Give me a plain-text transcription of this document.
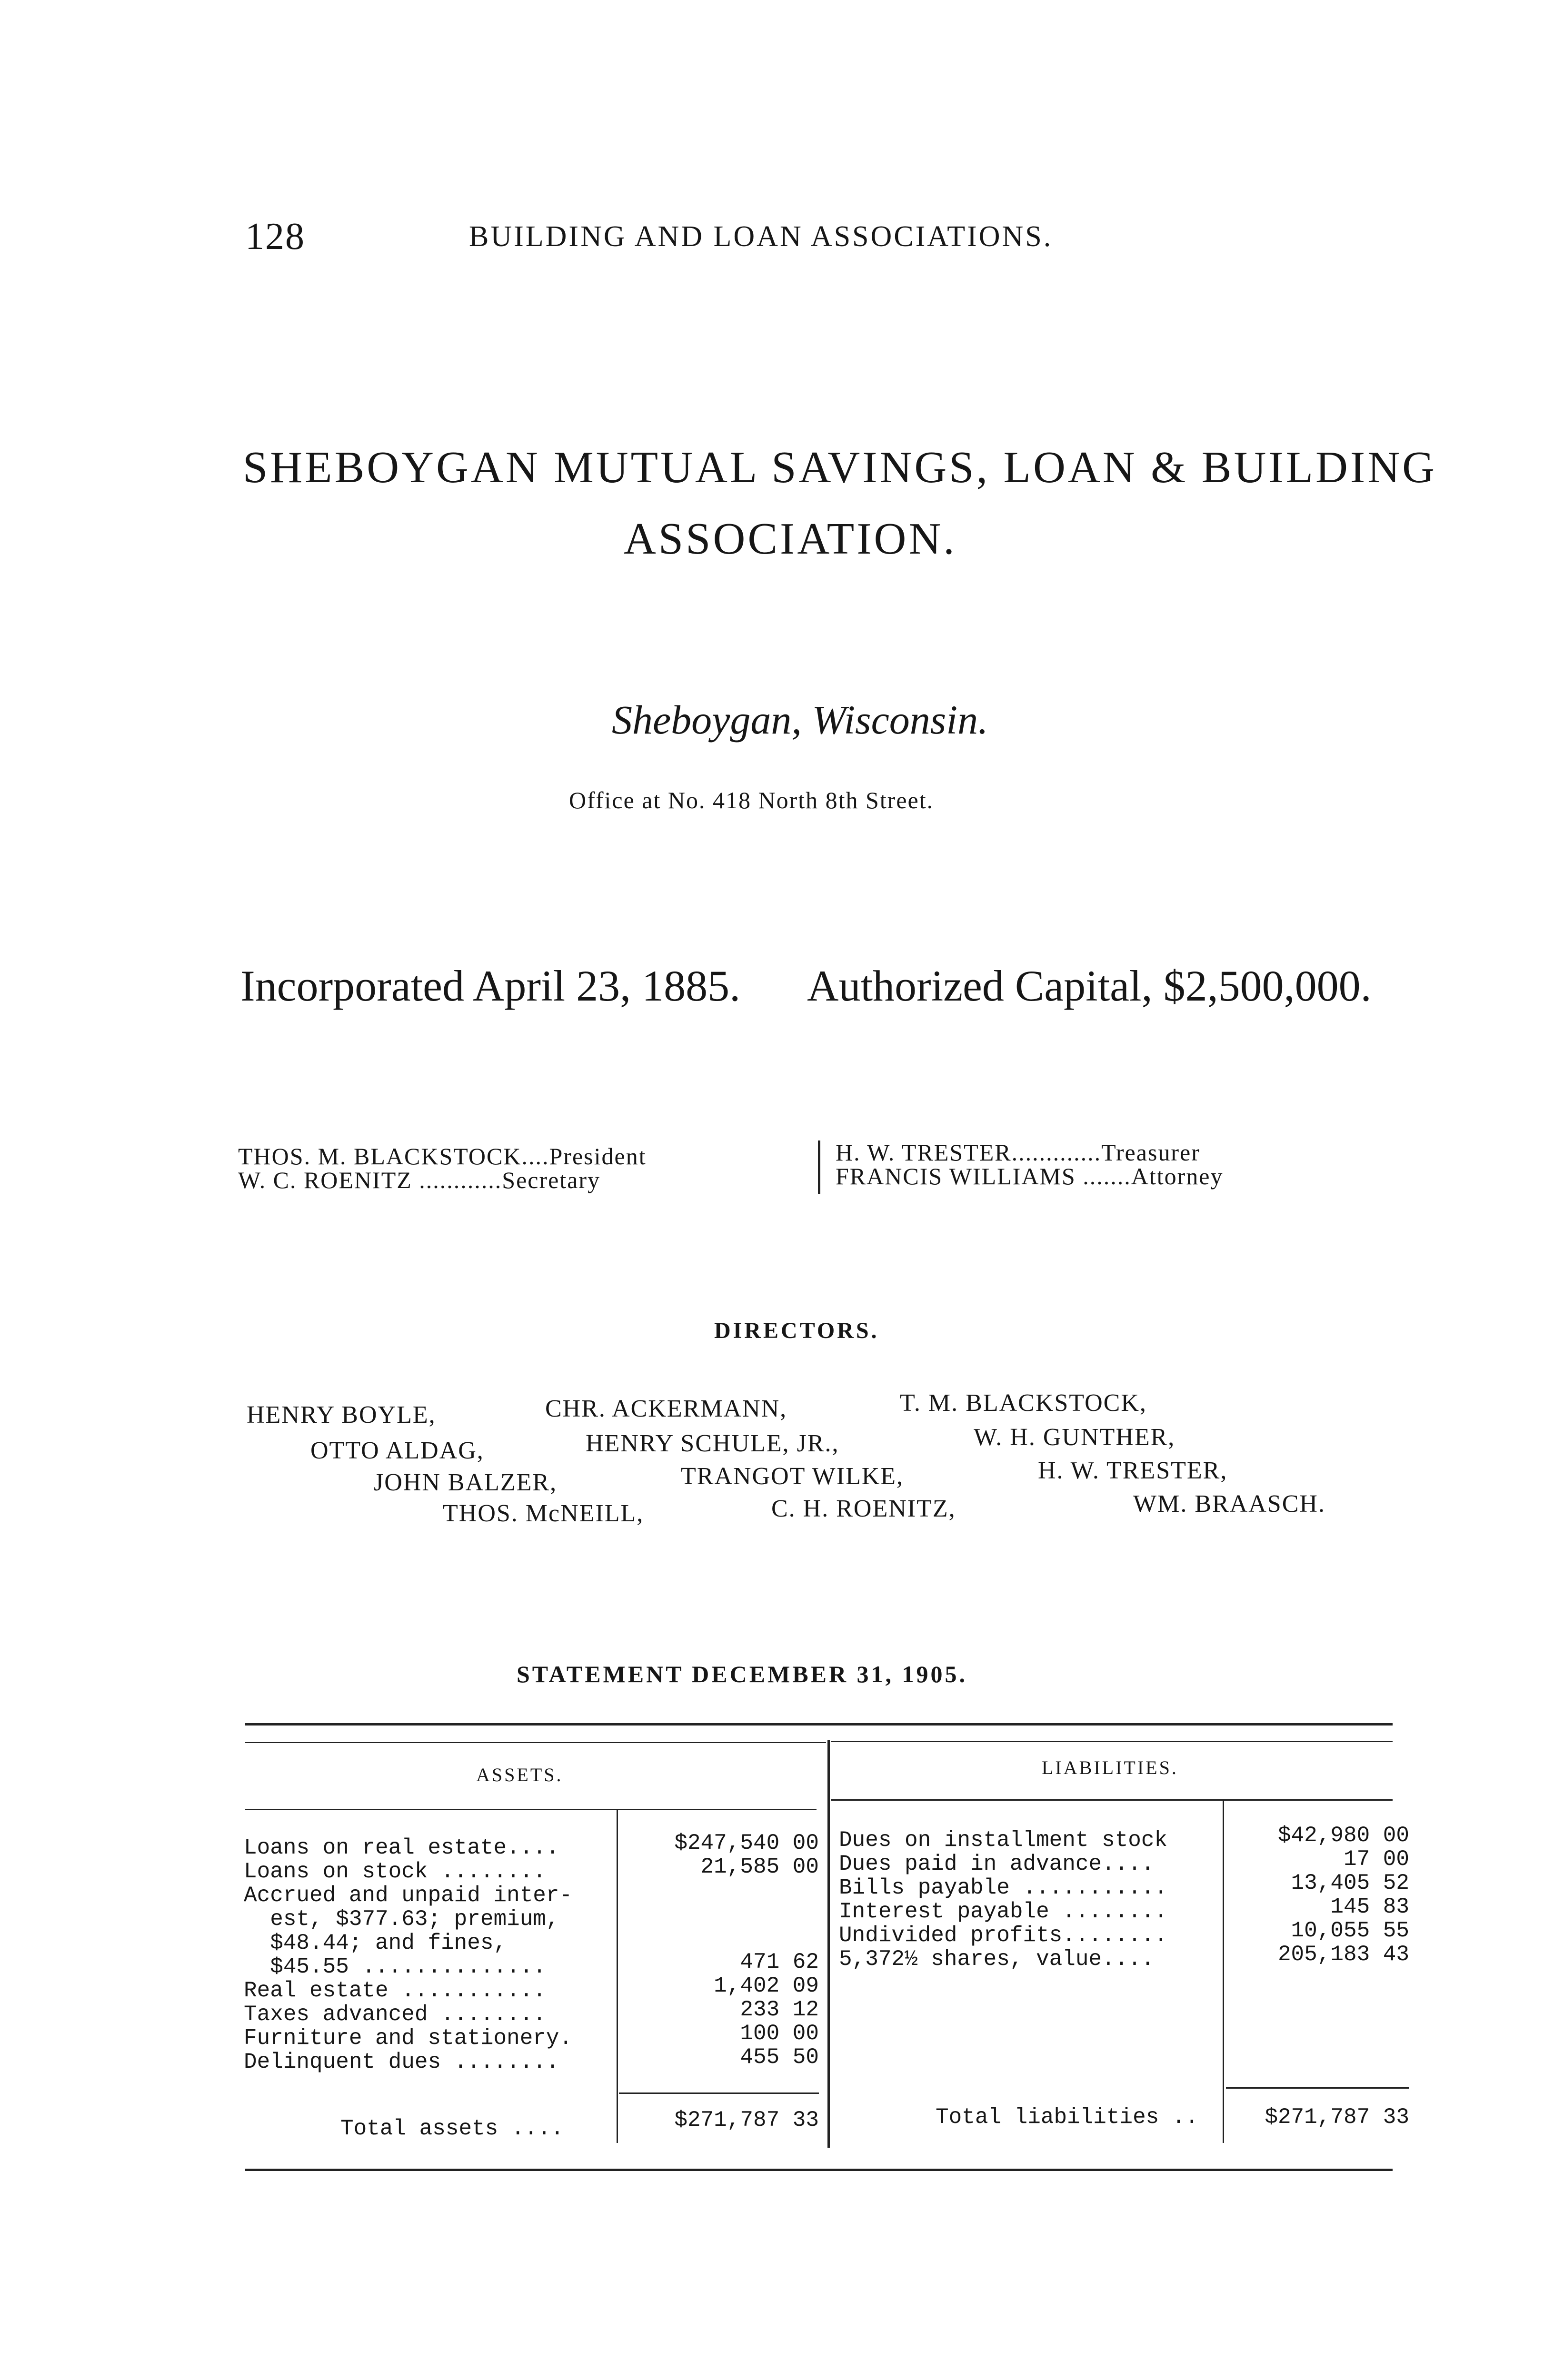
128	BUILDING AND LOAN ASSOCIATIONS.
SHEBOYGAN MUTUAL SAVINGS, LOAN & BUILDING
ASSOCIATION.
Sheboygan, Wisconsin.
Office at No. 418 North 8th Street.
Incorporated April 23, 1885. Authorized Capital, $2,500,000.
THOS. M. BLACKSTOCK....President
W. C. ROENITZ ............Secretary
H. W. TRESTER.............Treasurer
FRANCIS WILLIAMS .......Attorney
DIRECTORS.
HENRY BOYLE,	CHR. ACKERMANN,	T. M. BLACKSTOCK,
OTTO ALDAG,	HENRY SCHULE, JR.,	W. H. GUNTHER,
JOHN BALZER,	TRANGOT WILKE,	H. W. TRESTER,
THOS. McNEILL,	C. H. ROENITZ,	WM. BRAASCH.
STATEMENT DECEMBER 31, 1905.
ASSETS.	LIABILITIES.
Loans on real estate....	$247,540 00
Loans on stock ........	21,585 00
Accrued and unpaid inter-
est, $377.63; premium,
$48.44; and fines,
$45.55 ..............	471 62
Real estate ...........	1,402 09
Taxes advanced ........	233 12
Furniture and stationery.	100 00
Delinquent dues ........	455 50
Total assets ....	$271,787 33
Dues on installment stock	$42,980 00
Dues paid in advance....	17 00
Bills payable ...........	13,405 52
Interest payable ........	145 83
Undivided profits........	10,055 55
5,372½ shares, value....	205,183 43
Total liabilities ..	$271,787 33
